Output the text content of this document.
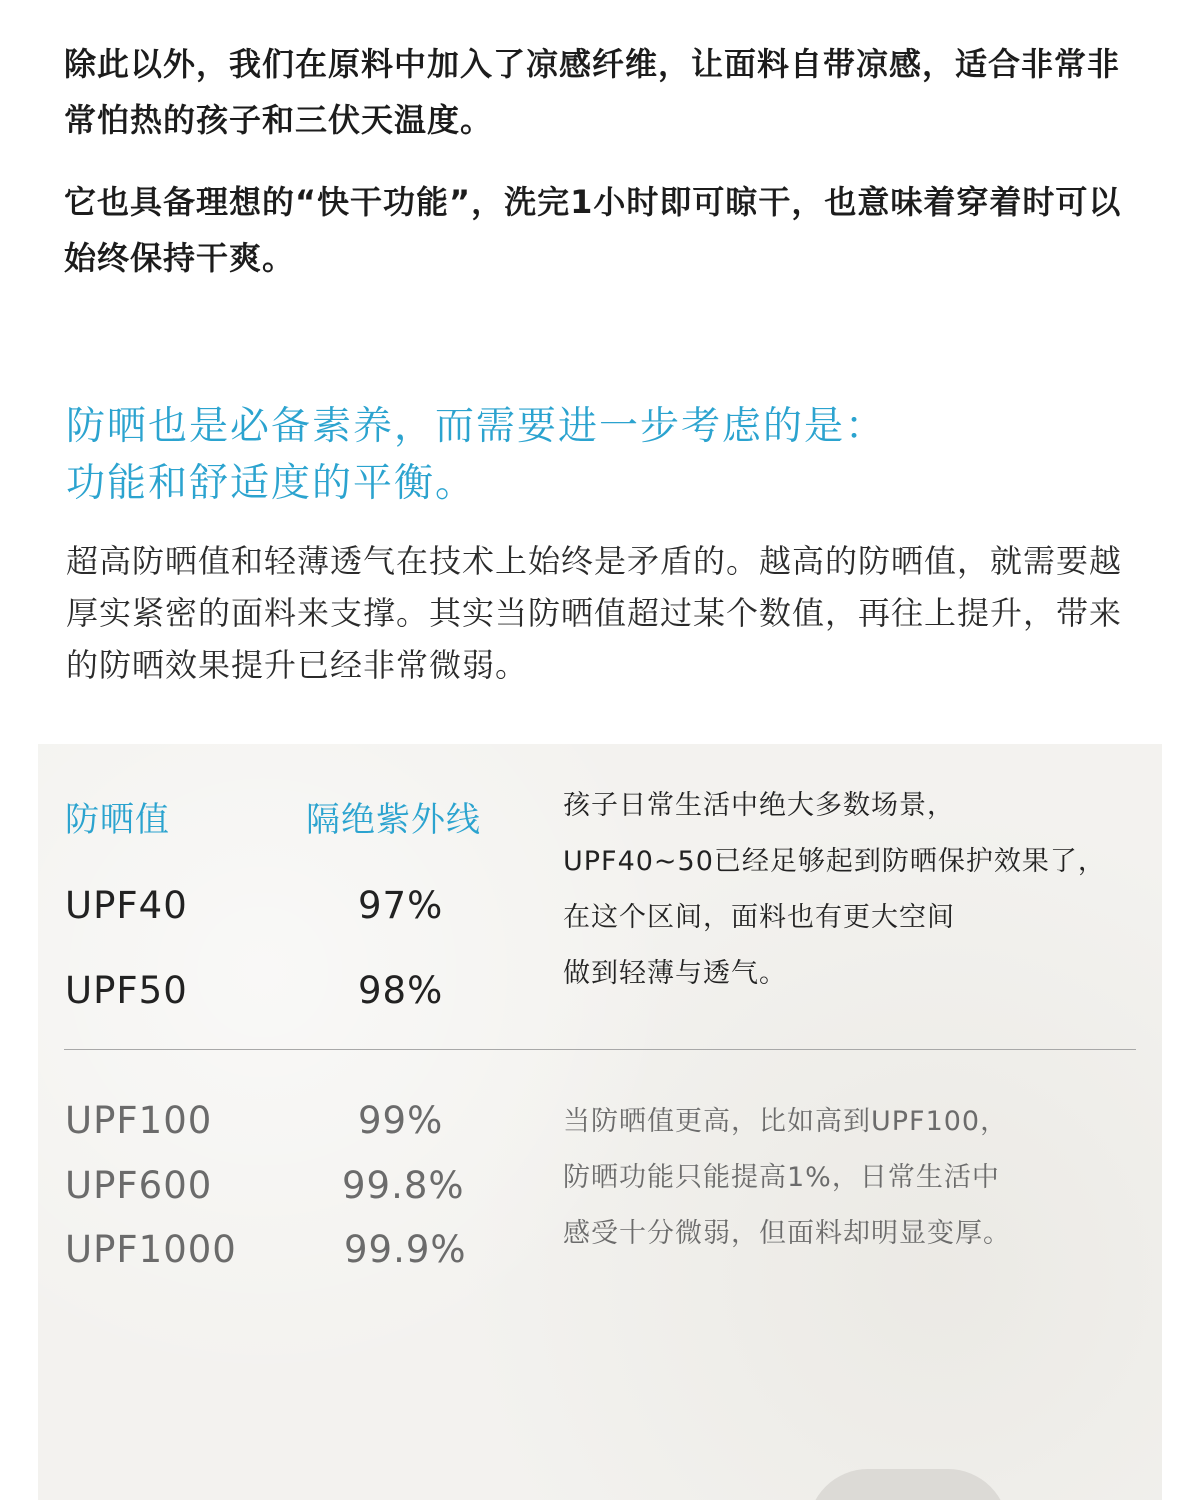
除此以外，我们在原料中加入了凉感纤维，让面料自带凉感，适合非常非常怕热的孩子和三伏天温度。

它也具备理想的“快干功能”，洗完1小时即可晾干，也意味着穿着时可以始终保持干爽。

防晒也是必备素养，而需要进一步考虑的是：
功能和舒适度的平衡。
超高防晒值和轻薄透气在技术上始终是矛盾的。越高的防晒值，就需要越厚实紧密的面料来支撑。其实当防晒值超过某个数值，再往上提升，带来的防晒效果提升已经非常微弱。
防晒值	隔绝紫外线
UPF40	97%
UPF50	98%
孩子日常生活中绝大多数场景，
UPF40~50已经足够起到防晒保护效果了，
在这个区间，面料也有更大空间
做到轻薄与透气。
UPF100	99%
UPF600	99.8%
UPF1000	99.9%
当防晒值更高，比如高到UPF100，
防晒功能只能提高1%，日常生活中
感受十分微弱，但面料却明显变厚。
